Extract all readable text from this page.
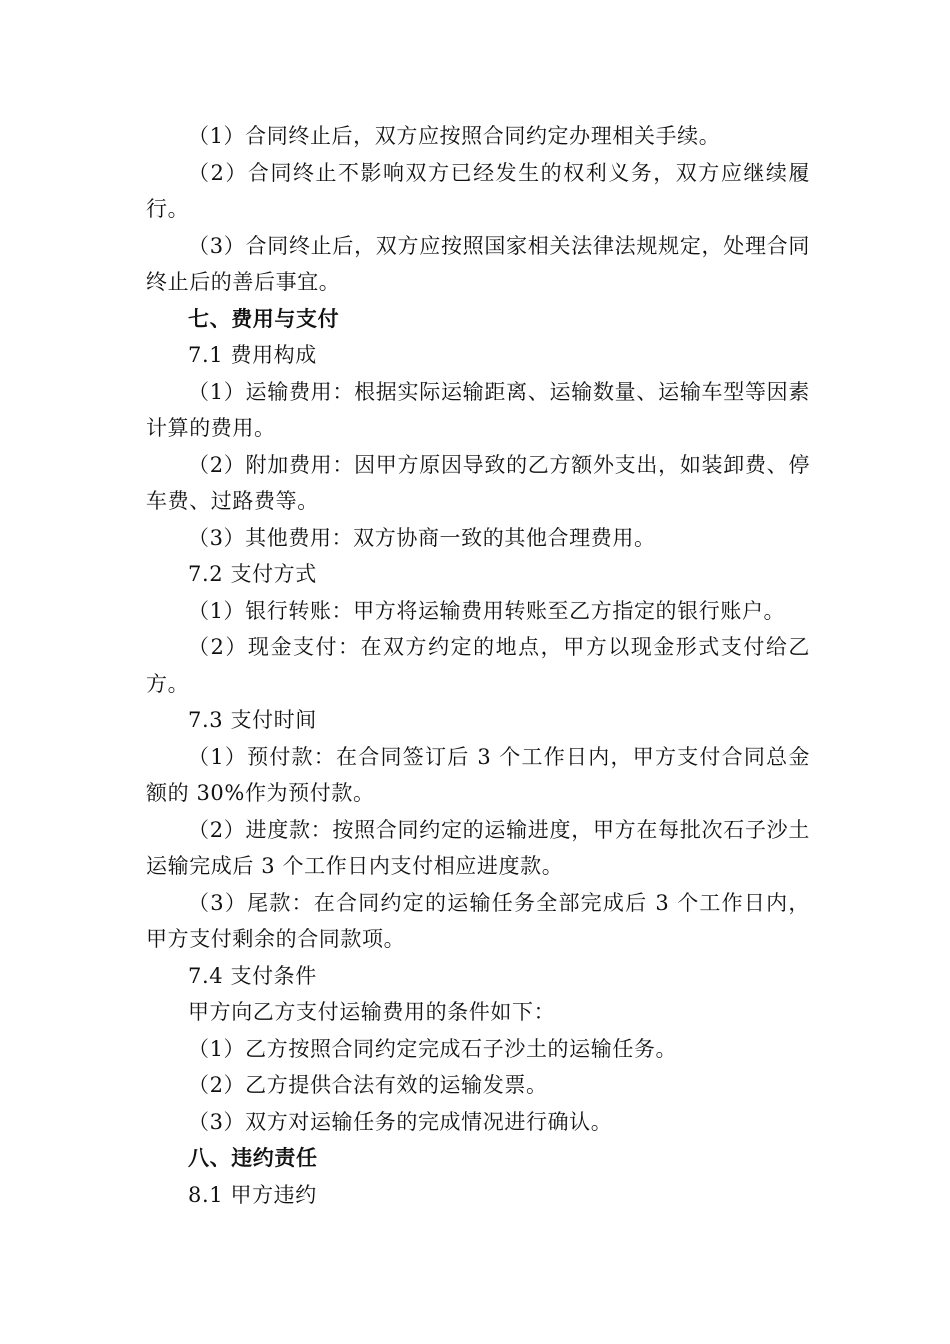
（1）合同终止后，双方应按照合同约定办理相关手续。

（2）合同终止不影响双方已经发生的权利义务，双方应继续履行。

（3）合同终止后，双方应按照国家相关法律法规规定，处理合同终止后的善后事宜。

七、费用与支付

7.1 费用构成

（1）运输费用：根据实际运输距离、运输数量、运输车型等因素计算的费用。

（2）附加费用：因甲方原因导致的乙方额外支出，如装卸费、停车费、过路费等。

（3）其他费用：双方协商一致的其他合理费用。

7.2 支付方式

（1）银行转账：甲方将运输费用转账至乙方指定的银行账户。

（2）现金支付：在双方约定的地点，甲方以现金形式支付给乙方。

7.3 支付时间

（1）预付款：在合同签订后 3 个工作日内，甲方支付合同总金额的 30%作为预付款。

（2）进度款：按照合同约定的运输进度，甲方在每批次石子沙土运输完成后 3 个工作日内支付相应进度款。

（3）尾款：在合同约定的运输任务全部完成后 3 个工作日内，甲方支付剩余的合同款项。

7.4 支付条件

甲方向乙方支付运输费用的条件如下：

（1）乙方按照合同约定完成石子沙土的运输任务。

（2）乙方提供合法有效的运输发票。

（3）双方对运输任务的完成情况进行确认。

八、违约责任

8.1 甲方违约
